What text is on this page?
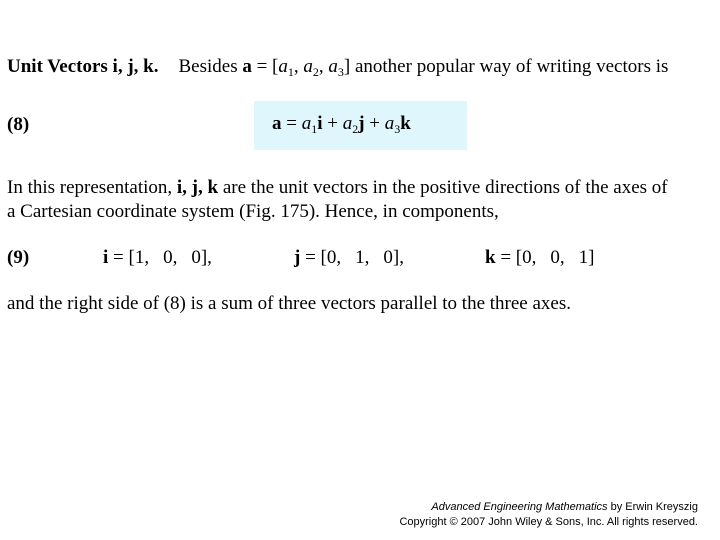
Unit Vectors i, j, k. Besides $a = [a_1$, $a_2$, $a_3$] another popular way of writing vectors is
(8)	$a = a_1i + a_2j + a_3k$
In this representation, i, j, k are the unit vectors in the positive directions of the axes of
a Cartesian coordinate system (Fig. 175). Hence, in components,
(9)	i = [1, 0, 0],	j = [0, 1, 0],	k = [0, 0, 1]
and the right side of (8) is a sum of three vectors parallel to the three axes.
Advanced Engineering Mathematics by Erwin Kreyszig
Copyright © 2007 John Wiley & Sons, Inc. All rights reserved.
